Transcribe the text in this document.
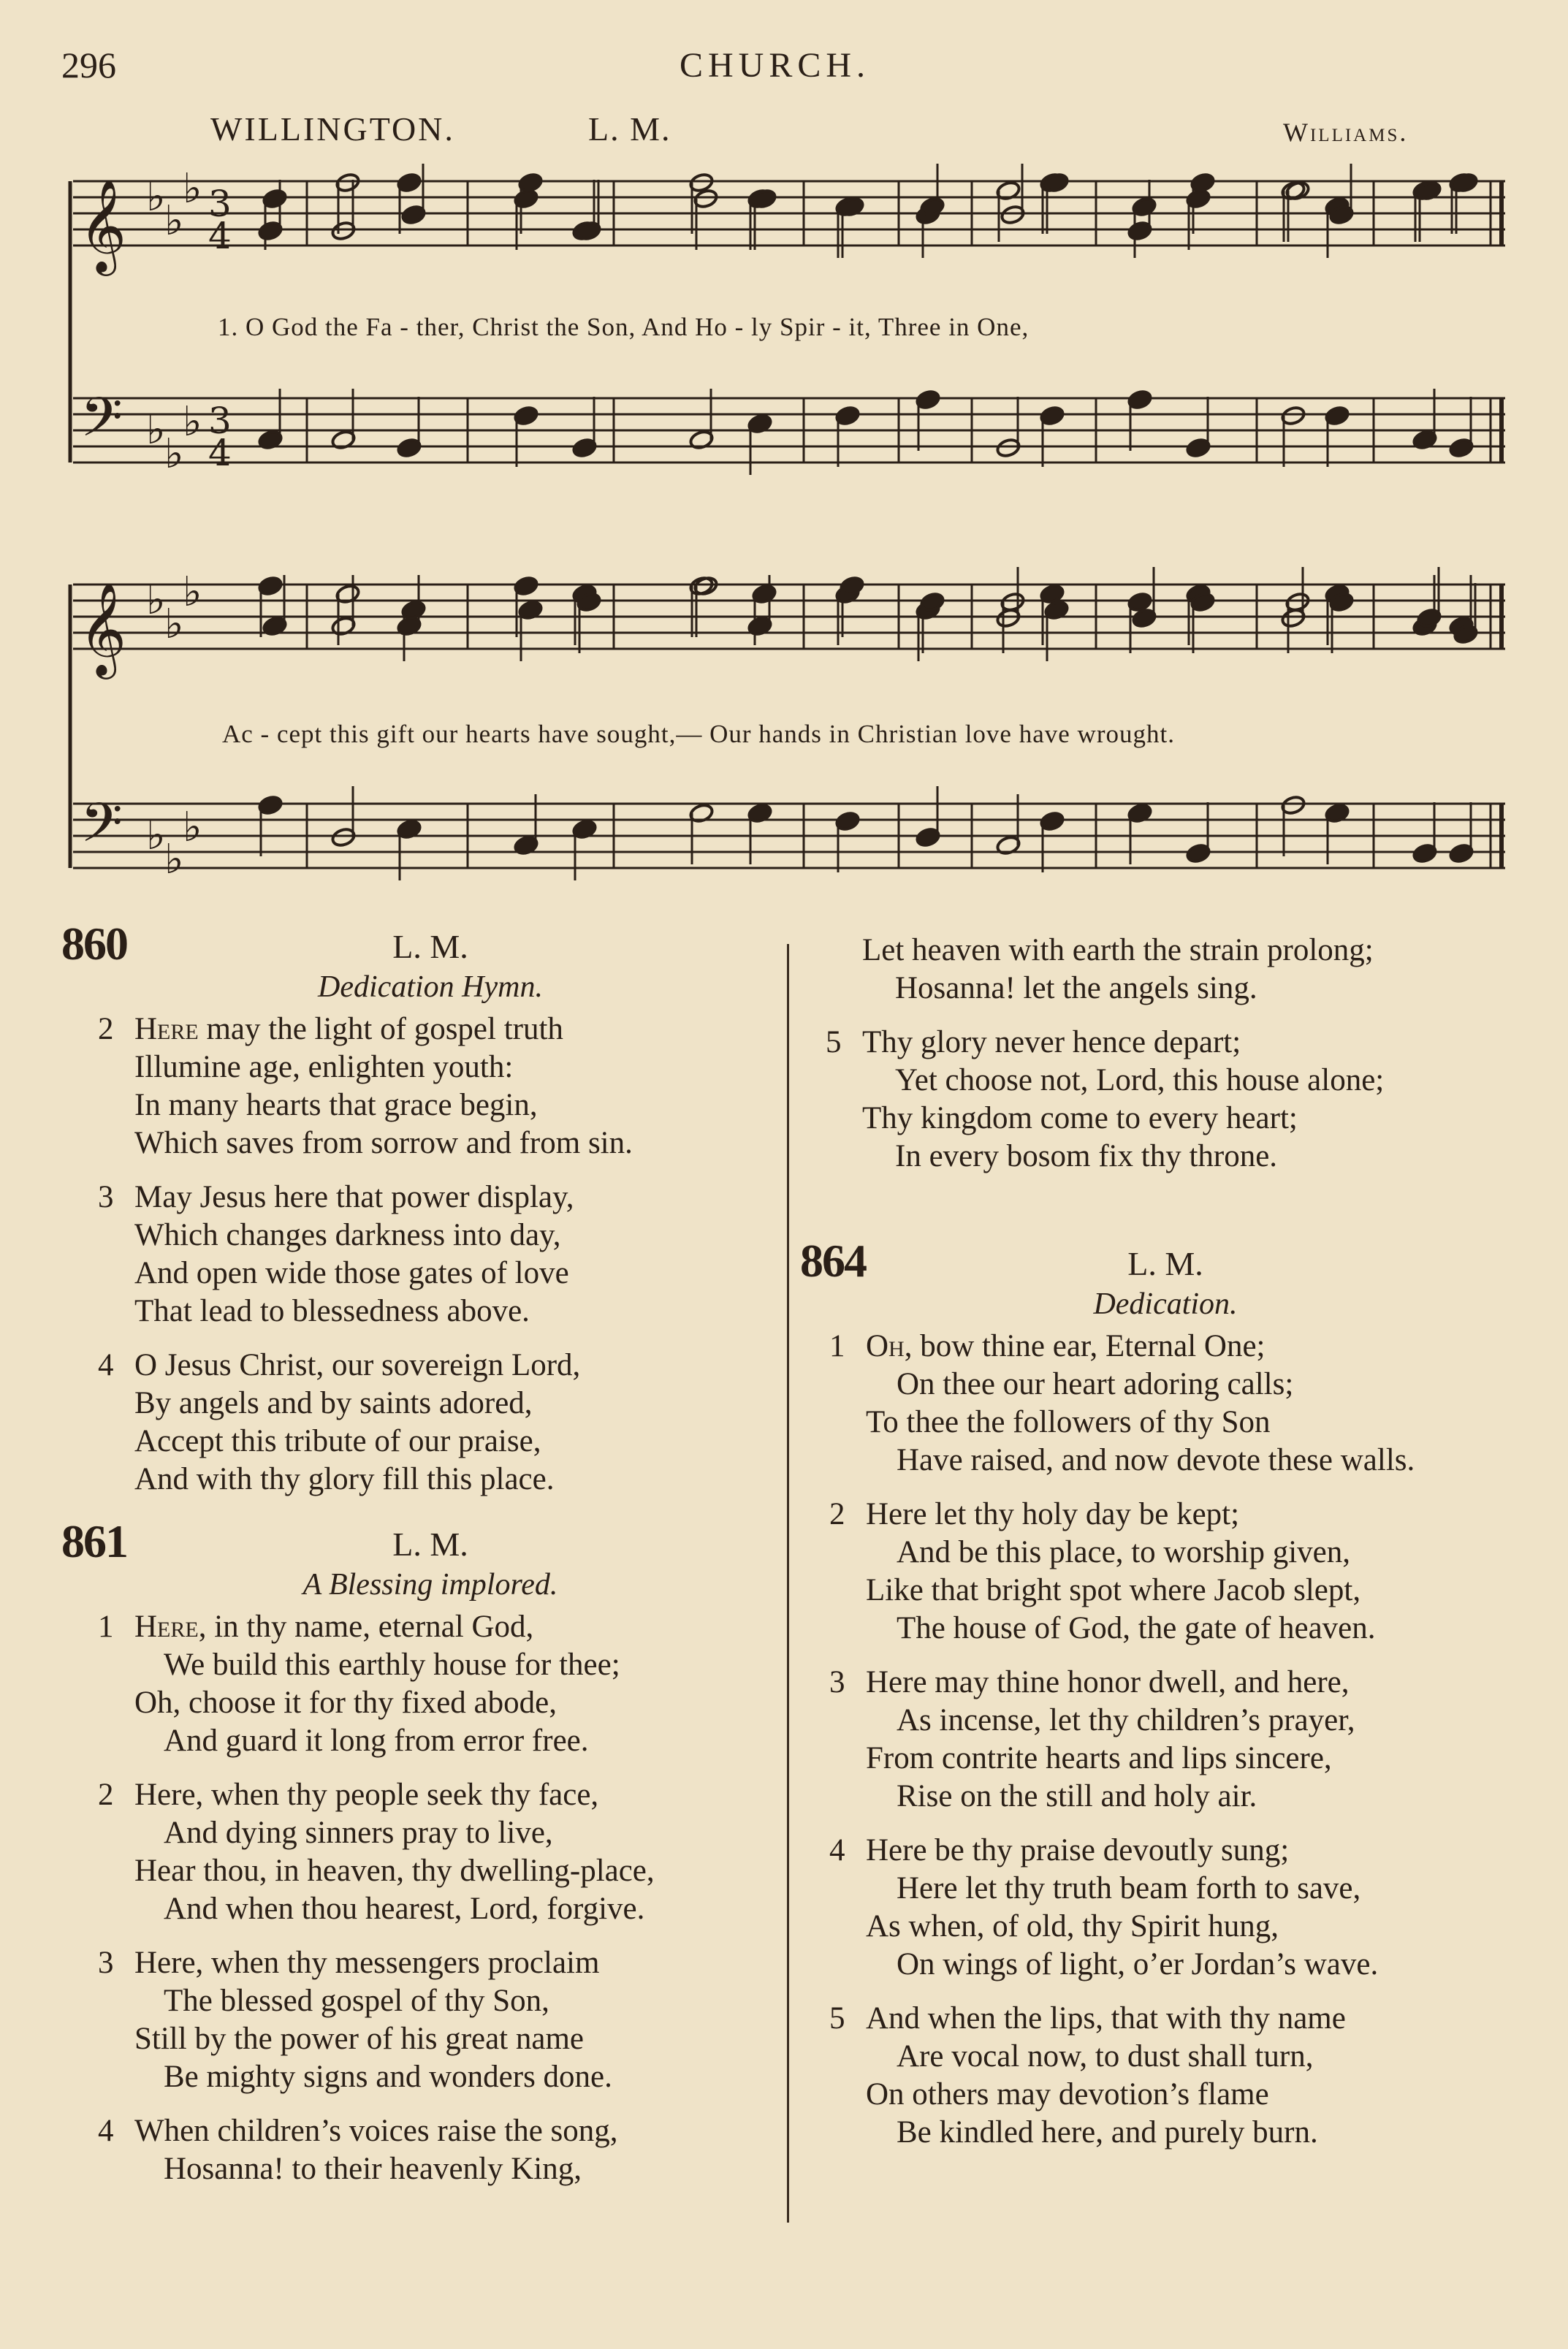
296	CHURCH.
WILLINGTON.	L. M.	Williams.
𝄞
𝄢
♭
♭
♭
♭
♭
♭
3
4
3
4
𝄞
𝄢
♭
♭
♭
♭
♭
♭
1. O God the Fa - ther, Christ the Son, And Ho - ly Spir - it, Three in One,
Ac - cept this gift our hearts have sought,— Our hands in Christian love have wrought.
860	L. M.
Dedication Hymn.
2 Here may the light of gospel truth
Illumine age, enlighten youth:
In many hearts that grace begin,
Which saves from sorrow and from sin.
3 May Jesus here that power display,
Which changes darkness into day,
And open wide those gates of love
That lead to blessedness above.
4 O Jesus Christ, our sovereign Lord,
By angels and by saints adored,
Accept this tribute of our praise,
And with thy glory fill this place.
861	L. M.
A Blessing implored.
1 Here, in thy name, eternal God,
We build this earthly house for thee;
Oh, choose it for thy fixed abode,
And guard it long from error free.
2 Here, when thy people seek thy face,
And dying sinners pray to live,
Hear thou, in heaven, thy dwelling-place,
And when thou hearest, Lord, forgive.
3 Here, when thy messengers proclaim
The blessed gospel of thy Son,
Still by the power of his great name
Be mighty signs and wonders done.
4 When children’s voices raise the song,
Hosanna! to their heavenly King,
Let heaven with earth the strain prolong;
Hosanna! let the angels sing.
5 Thy glory never hence depart;
Yet choose not, Lord, this house alone;
Thy kingdom come to every heart;
In every bosom fix thy throne.
864	L. M.
Dedication.
1 Oh, bow thine ear, Eternal One;
On thee our heart adoring calls;
To thee the followers of thy Son
Have raised, and now devote these walls.
2 Here let thy holy day be kept;
And be this place, to worship given,
Like that bright spot where Jacob slept,
The house of God, the gate of heaven.
3 Here may thine honor dwell, and here,
As incense, let thy children’s prayer,
From contrite hearts and lips sincere,
Rise on the still and holy air.
4 Here be thy praise devoutly sung;
Here let thy truth beam forth to save,
As when, of old, thy Spirit hung,
On wings of light, o’er Jordan’s wave.
5 And when the lips, that with thy name
Are vocal now, to dust shall turn,
On others may devotion’s flame
Be kindled here, and purely burn.
